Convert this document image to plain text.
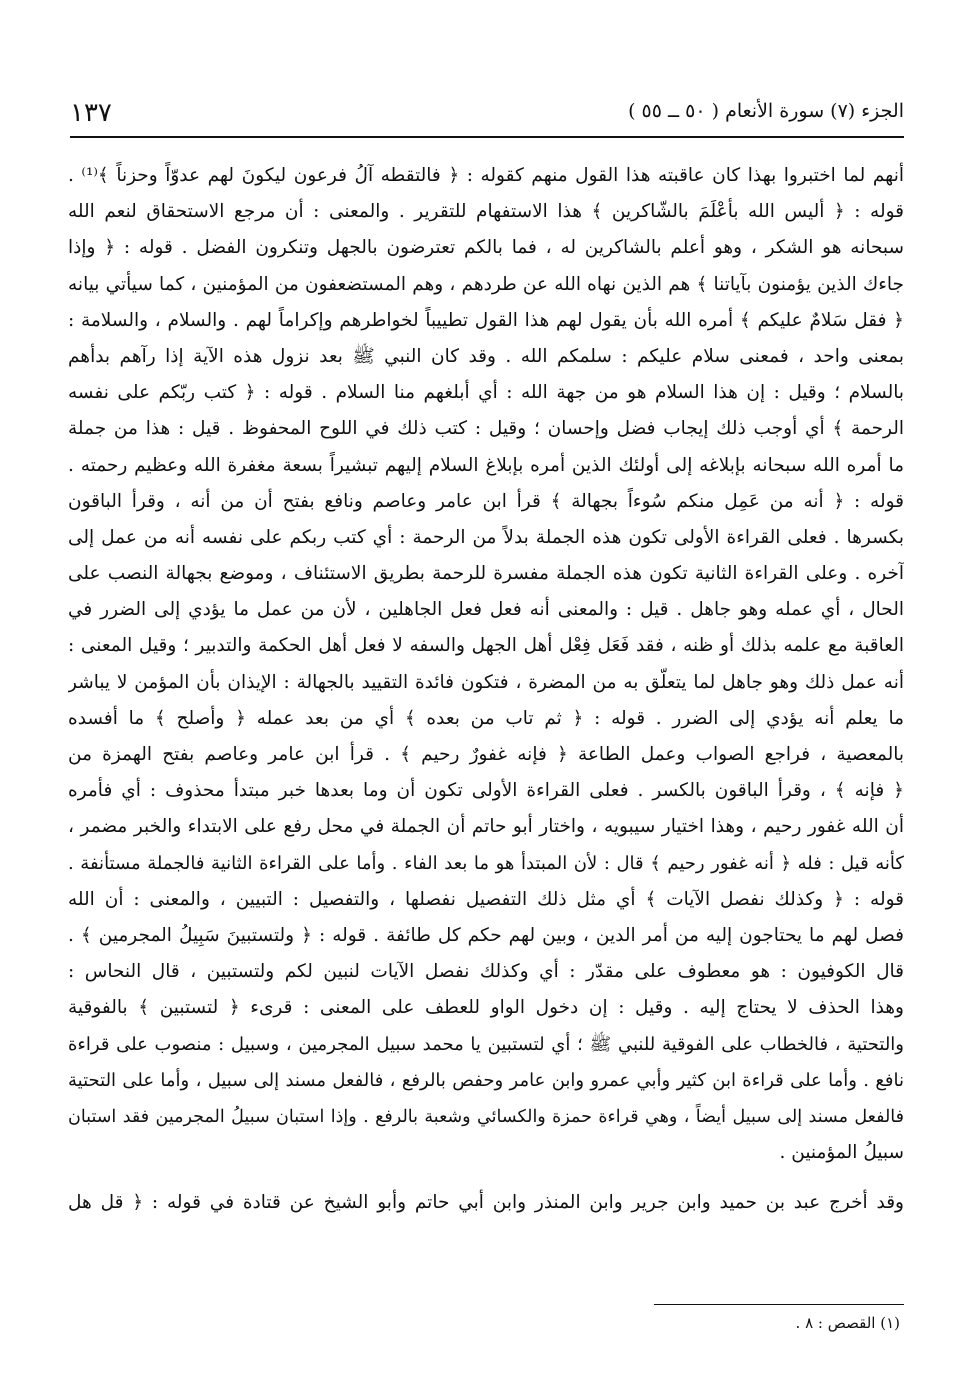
١٣٧	الجزء (٧) سورة الأنعام ( ٥٠ ــ ٥٥ )
أنهم لما اختبروا بهذا كان عاقبته هذا القول منهم كقوله : ﴿ فالتقطه آلُ فرعون ليكونَ لهم عدوّاً وحزناً ﴾⁽¹⁾ .
قوله : ﴿ أليس الله بأعْلَمَ بالشّاكرين ﴾ هذا الاستفهام للتقرير . والمعنى : أن مرجع الاستحقاق لنعم الله
سبحانه هو الشكر ، وهو أعلم بالشاكرين له ، فما بالكم تعترضون بالجهل وتنكرون الفضل . قوله : ﴿ وإذا
جاءك الذين يؤمنون بآياتنا ﴾ هم الذين نهاه الله عن طردهم ، وهم المستضعفون من المؤمنين ، كما سيأتي بيانه
﴿ فقل سَلامٌ عليكم ﴾ أمره الله بأن يقول لهم هذا القول تطييباً لخواطرهم وإكراماً لهم . والسلام ، والسلامة :
بمعنى واحد ، فمعنى سلام عليكم : سلمكم الله . وقد كان النبي ﷺ بعد نزول هذه الآية إذا رآهم بدأهم
بالسلام ؛ وقيل : إن هذا السلام هو من جهة الله : أي أبلغهم منا السلام . قوله : ﴿ كتب ربّكم على نفسه
الرحمة ﴾ أي أوجب ذلك إيجاب فضل وإحسان ؛ وقيل : كتب ذلك في اللوح المحفوظ . قيل : هذا من جملة
ما أمره الله سبحانه بإبلاغه إلى أولئك الذين أمره بإبلاغ السلام إليهم تبشيراً بسعة مغفرة الله وعظيم رحمته .
قوله : ﴿ أنه من عَمِل منكم سُوءاً بجهالة ﴾ قرأ ابن عامر وعاصم ونافع بفتح أن من أنه ، وقرأ الباقون
بكسرها . فعلى القراءة الأولى تكون هذه الجملة بدلاً من الرحمة : أي كتب ربكم على نفسه أنه من عمل إلى
آخره . وعلى القراءة الثانية تكون هذه الجملة مفسرة للرحمة بطريق الاستئناف ، وموضع بجهالة النصب على
الحال ، أي عمله وهو جاهل . قيل : والمعنى أنه فعل فعل الجاهلين ، لأن من عمل ما يؤدي إلى الضرر في
العاقبة مع علمه بذلك أو ظنه ، فقد فَعَل فِعْل أهل الجهل والسفه لا فعل أهل الحكمة والتدبير ؛ وقيل المعنى :
أنه عمل ذلك وهو جاهل لما يتعلّق به من المضرة ، فتكون فائدة التقييد بالجهالة : الإيذان بأن المؤمن لا يباشر
ما يعلم أنه يؤدي إلى الضرر . قوله : ﴿ ثم تاب من بعده ﴾ أي من بعد عمله ﴿ وأصلح ﴾ ما أفسده
بالمعصية ، فراجع الصواب وعمل الطاعة ﴿ فإنه غفورٌ رحيم ﴾ . قرأ ابن عامر وعاصم بفتح الهمزة من
﴿ فإنه ﴾ ، وقرأ الباقون بالكسر . فعلى القراءة الأولى تكون أن وما بعدها خبر مبتدأ محذوف : أي فأمره
أن الله غفور رحيم ، وهذا اختيار سيبويه ، واختار أبو حاتم أن الجملة في محل رفع على الابتداء والخبر مضمر ،
كأنه قيل : فله ﴿ أنه غفور رحيم ﴾ قال : لأن المبتدأ هو ما بعد الفاء . وأما على القراءة الثانية فالجملة مستأنفة .
قوله : ﴿ وكذلك نفصل الآيات ﴾ أي مثل ذلك التفصيل نفصلها ، والتفصيل : التبيين ، والمعنى : أن الله
فصل لهم ما يحتاجون إليه من أمر الدين ، وبين لهم حكم كل طائفة . قوله : ﴿ ولتستبينَ سَبِيلُ المجرمين ﴾ .
قال الكوفيون : هو معطوف على مقدّر : أي وكذلك نفصل الآيات لنبين لكم ولتستبين ، قال النحاس :
وهذا الحذف لا يحتاج إليه . وقيل : إن دخول الواو للعطف على المعنى : قرىء ﴿ لتستبين ﴾ بالفوقية
والتحتية ، فالخطاب على الفوقية للنبي ﷺ ؛ أي لتستبين يا محمد سبيل المجرمين ، وسبيل : منصوب على قراءة
نافع . وأما على قراءة ابن كثير وأبي عمرو وابن عامر وحفص بالرفع ، فالفعل مسند إلى سبيل ، وأما على التحتية
فالفعل مسند إلى سبيل أيضاً ، وهي قراءة حمزة والكسائي وشعبة بالرفع . وإذا استبان سبيلُ المجرمين فقد استبان
سبيلُ المؤمنين .
وقد أخرج عبد بن حميد وابن جرير وابن المنذر وابن أبي حاتم وأبو الشيخ عن قتادة في قوله : ﴿ قل هل
(١) القصص : ٨ .
